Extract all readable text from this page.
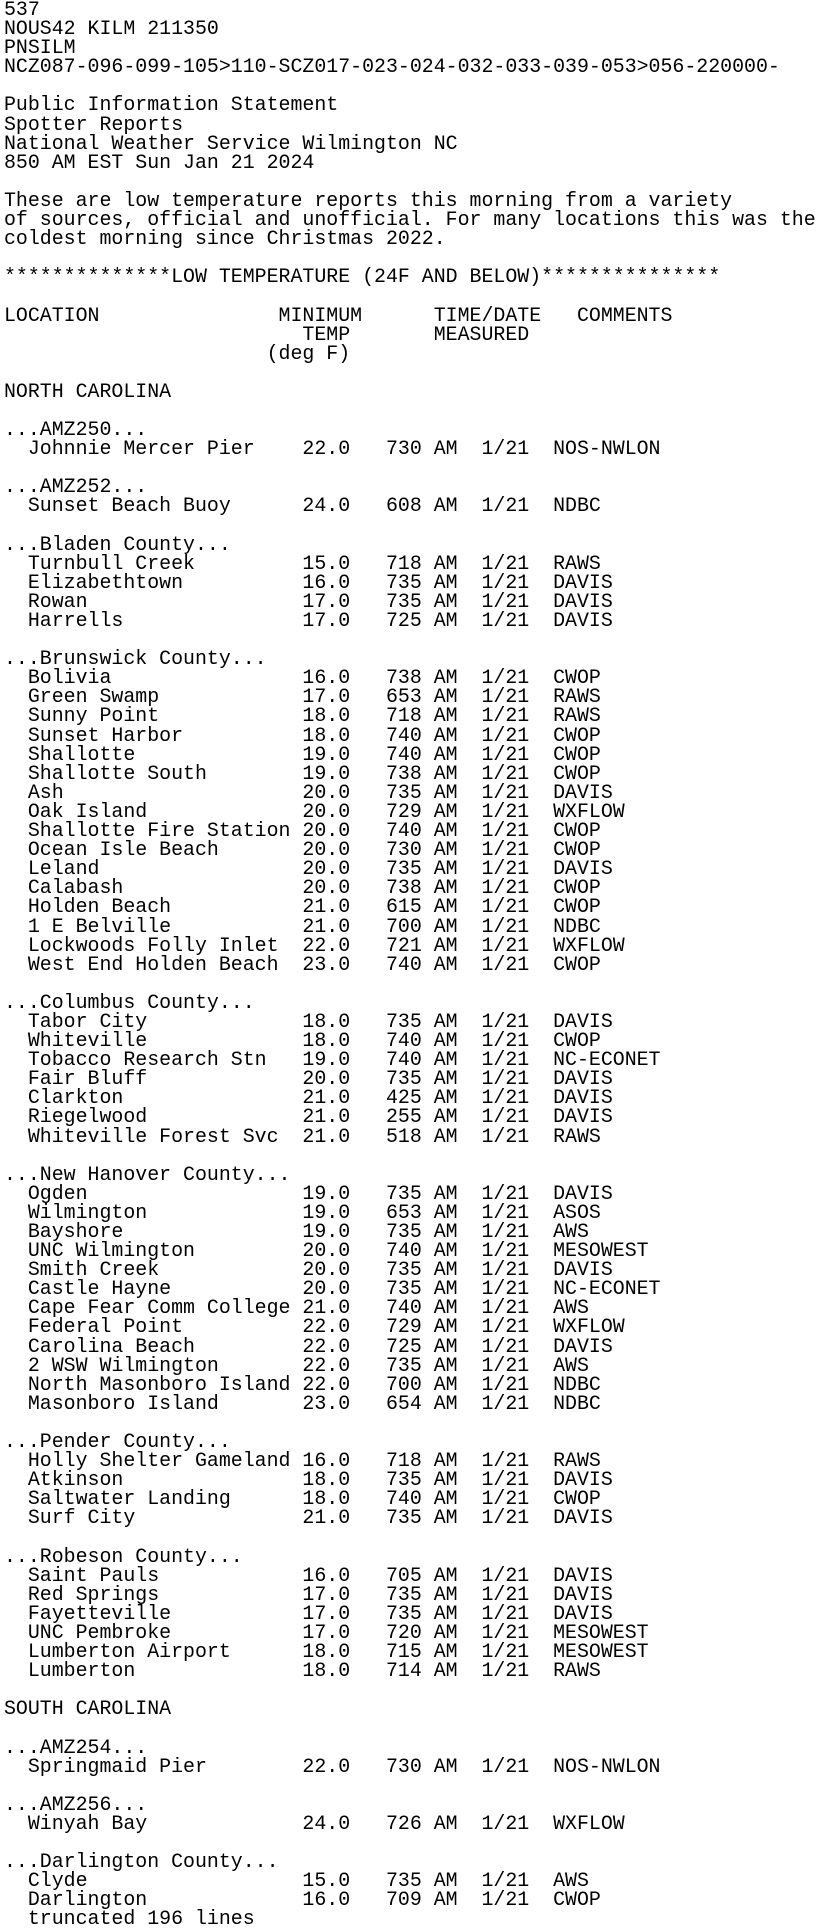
537
NOUS42 KILM 211350
PNSILM
NCZ087-096-099-105>110-SCZ017-023-024-032-033-039-053>056-220000-
Public Information Statement
Spotter Reports
National Weather Service Wilmington NC
850 AM EST Sun Jan 21 2024
These are low temperature reports this morning from a variety
of sources, official and unofficial. For many locations this was the
coldest morning since Christmas 2022.
**************LOW TEMPERATURE (24F AND BELOW)***************
LOCATION               MINIMUM      TIME/DATE   COMMENTS
TEMP       MEASURED
(deg F)
NORTH CAROLINA
...AMZ250...
Johnnie Mercer Pier    22.0   730 AM  1/21  NOS-NWLON
...AMZ252...
Sunset Beach Buoy      24.0   608 AM  1/21  NDBC
...Bladen County...
Turnbull Creek         15.0   718 AM  1/21  RAWS
Elizabethtown          16.0   735 AM  1/21  DAVIS
Rowan                  17.0   735 AM  1/21  DAVIS
Harrells               17.0   725 AM  1/21  DAVIS
...Brunswick County...
Bolivia                16.0   738 AM  1/21  CWOP
Green Swamp            17.0   653 AM  1/21  RAWS
Sunny Point            18.0   718 AM  1/21  RAWS
Sunset Harbor          18.0   740 AM  1/21  CWOP
Shallotte              19.0   740 AM  1/21  CWOP
Shallotte South        19.0   738 AM  1/21  CWOP
Ash                    20.0   735 AM  1/21  DAVIS
Oak Island             20.0   729 AM  1/21  WXFLOW
Shallotte Fire Station 20.0   740 AM  1/21  CWOP
Ocean Isle Beach       20.0   730 AM  1/21  CWOP
Leland                 20.0   735 AM  1/21  DAVIS
Calabash               20.0   738 AM  1/21  CWOP
Holden Beach           21.0   615 AM  1/21  CWOP
1 E Belville           21.0   700 AM  1/21  NDBC
Lockwoods Folly Inlet  22.0   721 AM  1/21  WXFLOW
West End Holden Beach  23.0   740 AM  1/21  CWOP
...Columbus County...
Tabor City             18.0   735 AM  1/21  DAVIS
Whiteville             18.0   740 AM  1/21  CWOP
Tobacco Research Stn   19.0   740 AM  1/21  NC-ECONET
Fair Bluff             20.0   735 AM  1/21  DAVIS
Clarkton               21.0   425 AM  1/21  DAVIS
Riegelwood             21.0   255 AM  1/21  DAVIS
Whiteville Forest Svc  21.0   518 AM  1/21  RAWS
...New Hanover County...
Ogden                  19.0   735 AM  1/21  DAVIS
Wilmington             19.0   653 AM  1/21  ASOS
Bayshore               19.0   735 AM  1/21  AWS
UNC Wilmington         20.0   740 AM  1/21  MESOWEST
Smith Creek            20.0   735 AM  1/21  DAVIS
Castle Hayne           20.0   735 AM  1/21  NC-ECONET
Cape Fear Comm College 21.0   740 AM  1/21  AWS
Federal Point          22.0   729 AM  1/21  WXFLOW
Carolina Beach         22.0   725 AM  1/21  DAVIS
2 WSW Wilmington       22.0   735 AM  1/21  AWS
North Masonboro Island 22.0   700 AM  1/21  NDBC
Masonboro Island       23.0   654 AM  1/21  NDBC
...Pender County...
Holly Shelter Gameland 16.0   718 AM  1/21  RAWS
Atkinson               18.0   735 AM  1/21  DAVIS
Saltwater Landing      18.0   740 AM  1/21  CWOP
Surf City              21.0   735 AM  1/21  DAVIS
...Robeson County...
Saint Pauls            16.0   705 AM  1/21  DAVIS
Red Springs            17.0   735 AM  1/21  DAVIS
Fayetteville           17.0   735 AM  1/21  DAVIS
UNC Pembroke           17.0   720 AM  1/21  MESOWEST
Lumberton Airport      18.0   715 AM  1/21  MESOWEST
Lumberton              18.0   714 AM  1/21  RAWS
SOUTH CAROLINA
...AMZ254...
Springmaid Pier        22.0   730 AM  1/21  NOS-NWLON
...AMZ256...
Winyah Bay             24.0   726 AM  1/21  WXFLOW
...Darlington County...
Clyde                  15.0   735 AM  1/21  AWS
Darlington             16.0   709 AM  1/21  CWOP
truncated 196 lines
